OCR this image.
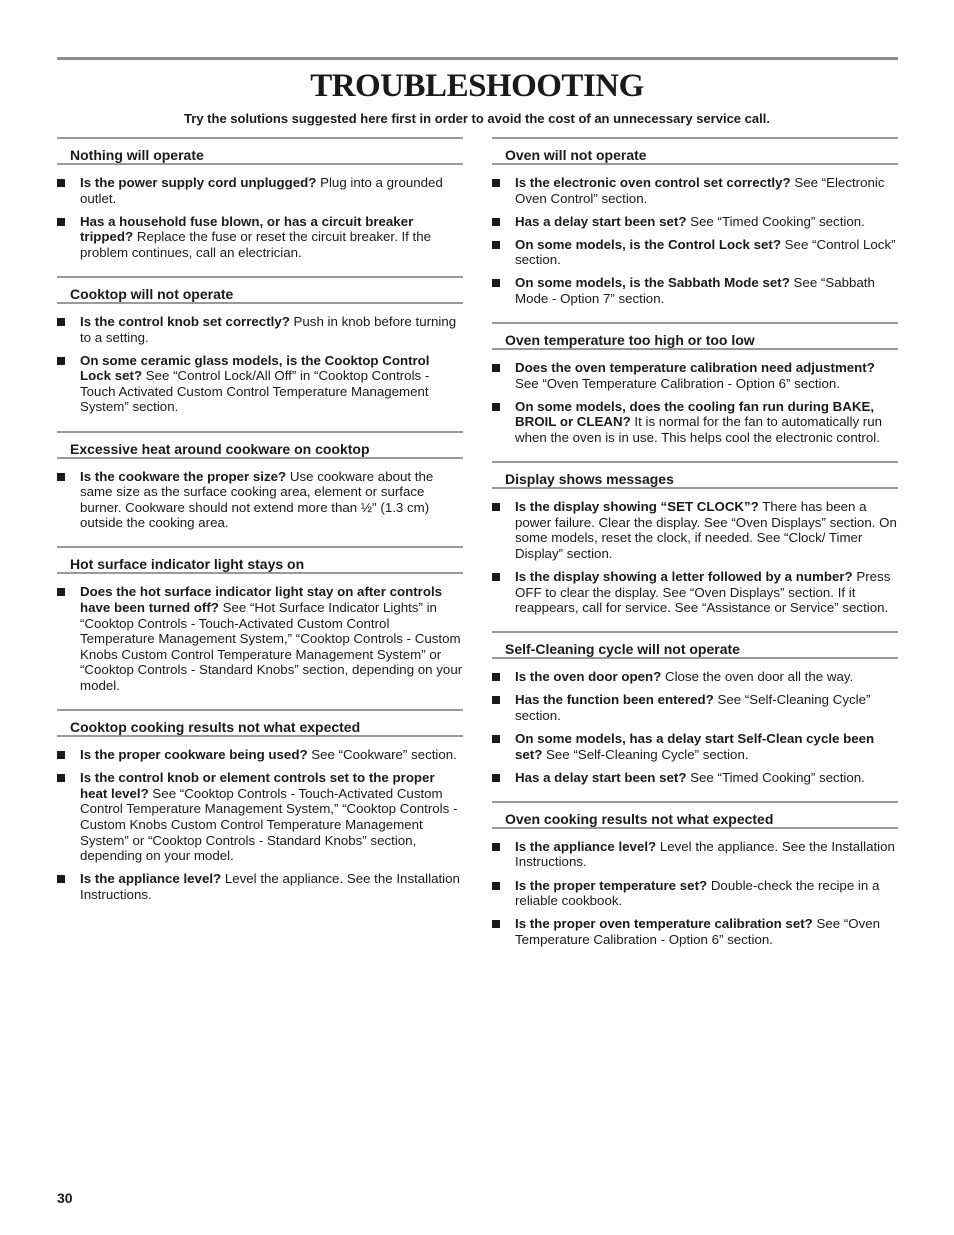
TROUBLESHOOTING

Try the solutions suggested here first in order to avoid the cost of an unnecessary service call.

Nothing will operate
Is the power supply cord unplugged? Plug into a grounded outlet.
Has a household fuse blown, or has a circuit breaker tripped? Replace the fuse or reset the circuit breaker. If the problem continues, call an electrician.
Cooktop will not operate
Is the control knob set correctly? Push in knob before turning to a setting.
On some ceramic glass models, is the Cooktop Control Lock set? See “Control Lock/All Off” in “Cooktop Controls - Touch Activated Custom Control Temperature Management System” section.
Excessive heat around cookware on cooktop
Is the cookware the proper size? Use cookware about the same size as the surface cooking area, element or surface burner. Cookware should not extend more than ½" (1.3 cm) outside the cooking area.
Hot surface indicator light stays on
Does the hot surface indicator light stay on after controls have been turned off? See “Hot Surface Indicator Lights” in “Cooktop Controls - Touch-Activated Custom Control Temperature Management System,” “Cooktop Controls - Custom Knobs Custom Control Temperature Management System” or “Cooktop Controls - Standard Knobs” section, depending on your model.
Cooktop cooking results not what expected
Is the proper cookware being used? See “Cookware” section.
Is the control knob or element controls set to the proper heat level? See “Cooktop Controls - Touch-Activated Custom Control Temperature Management System,” “Cooktop Controls - Custom Knobs Custom Control Temperature Management System” or “Cooktop Controls - Standard Knobs” section, depending on your model.
Is the appliance level? Level the appliance. See the Installation Instructions.
Oven will not operate
Is the electronic oven control set correctly? See “Electronic Oven Control” section.
Has a delay start been set? See “Timed Cooking” section.
On some models, is the Control Lock set? See “Control Lock” section.
On some models, is the Sabbath Mode set? See “Sabbath Mode - Option 7” section.
Oven temperature too high or too low
Does the oven temperature calibration need adjustment? See “Oven Temperature Calibration - Option 6” section.
On some models, does the cooling fan run during BAKE, BROIL or CLEAN? It is normal for the fan to automatically run when the oven is in use. This helps cool the electronic control.
Display shows messages
Is the display showing “SET CLOCK”? There has been a power failure. Clear the display. See “Oven Displays” section. On some models, reset the clock, if needed. See “Clock/ Timer Display” section.
Is the display showing a letter followed by a number? Press OFF to clear the display. See “Oven Displays” section. If it reappears, call for service. See “Assistance or Service” section.
Self-Cleaning cycle will not operate
Is the oven door open? Close the oven door all the way.
Has the function been entered? See “Self-Cleaning Cycle” section.
On some models, has a delay start Self-Clean cycle been set? See “Self-Cleaning Cycle” section.
Has a delay start been set? See “Timed Cooking” section.
Oven cooking results not what expected
Is the appliance level? Level the appliance. See the Installation Instructions.
Is the proper temperature set? Double-check the recipe in a reliable cookbook.
Is the proper oven temperature calibration set? See “Oven Temperature Calibration - Option 6” section.

30
